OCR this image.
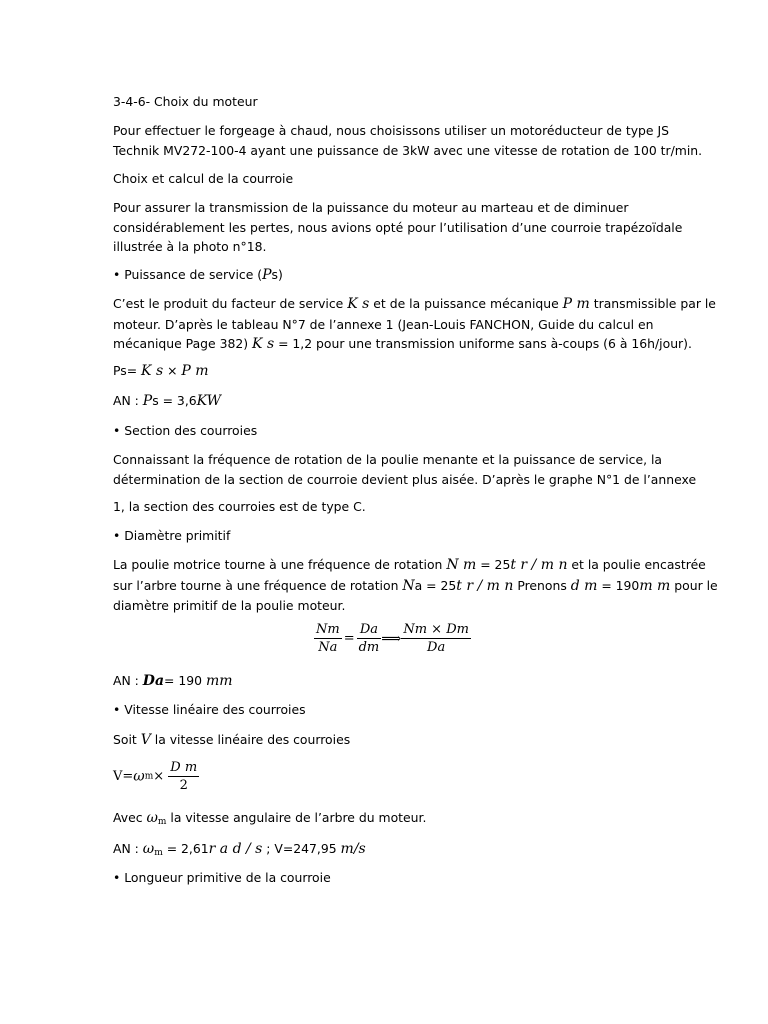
3-4-6- Choix du moteur

Pour effectuer le forgeage à chaud, nous choisissons utiliser un motoréducteur de type JS
Technik MV272-100-4 ayant une puissance de 3kW avec une vitesse de rotation de 100 tr/min.

Choix et calcul de la courroie

Pour assurer la transmission de la puissance du moteur au marteau et de diminuer
considérablement les pertes, nous avions opté pour l’utilisation d’une courroie trapézoïdale
illustrée à la photo n°18.

• Puissance de service (Ps)

C’est le produit du facteur de service K s et de la puissance mécanique P m transmissible par le
moteur. D’après le tableau N°7 de l’annexe 1 (Jean-Louis FANCHON, Guide du calcul en
mécanique Page 382) K s = 1,2 pour une transmission uniforme sans à-coups (6 à 16h/jour).

Ps= K s × P m

AN : Ps = 3,6KW

• Section des courroies

Connaissant la fréquence de rotation de la poulie menante et la puissance de service, la
détermination de la section de courroie devient plus aisée. D’après le graphe N°1 de l’annexe

1, la section des courroies est de type C.

• Diamètre primitif

La poulie motrice tourne à une fréquence de rotation N m = 25t r / m n et la poulie encastrée
sur l’arbre tourne à une fréquence de rotation Na = 25t r / m n Prenons d m = 190m m pour le
diamètre primitif de la poulie moteur.

$\frac{Nm}{Na} = \frac{Da}{dm}$ ⟹ $\frac{Nm \times Dm}{Da}$

AN : Da= 190 mm

• Vitesse linéaire des courroies

Soit V la vitesse linéaire des courroies

$V=\omega m\times \frac{\text{D m}}{2}$

Avec $\omega_m$ la vitesse angulaire de l’arbre du moteur.

AN : $\omega_m = 2,61r$ a d / s ; V=247,95 m/s

• Longueur primitive de la courroie
